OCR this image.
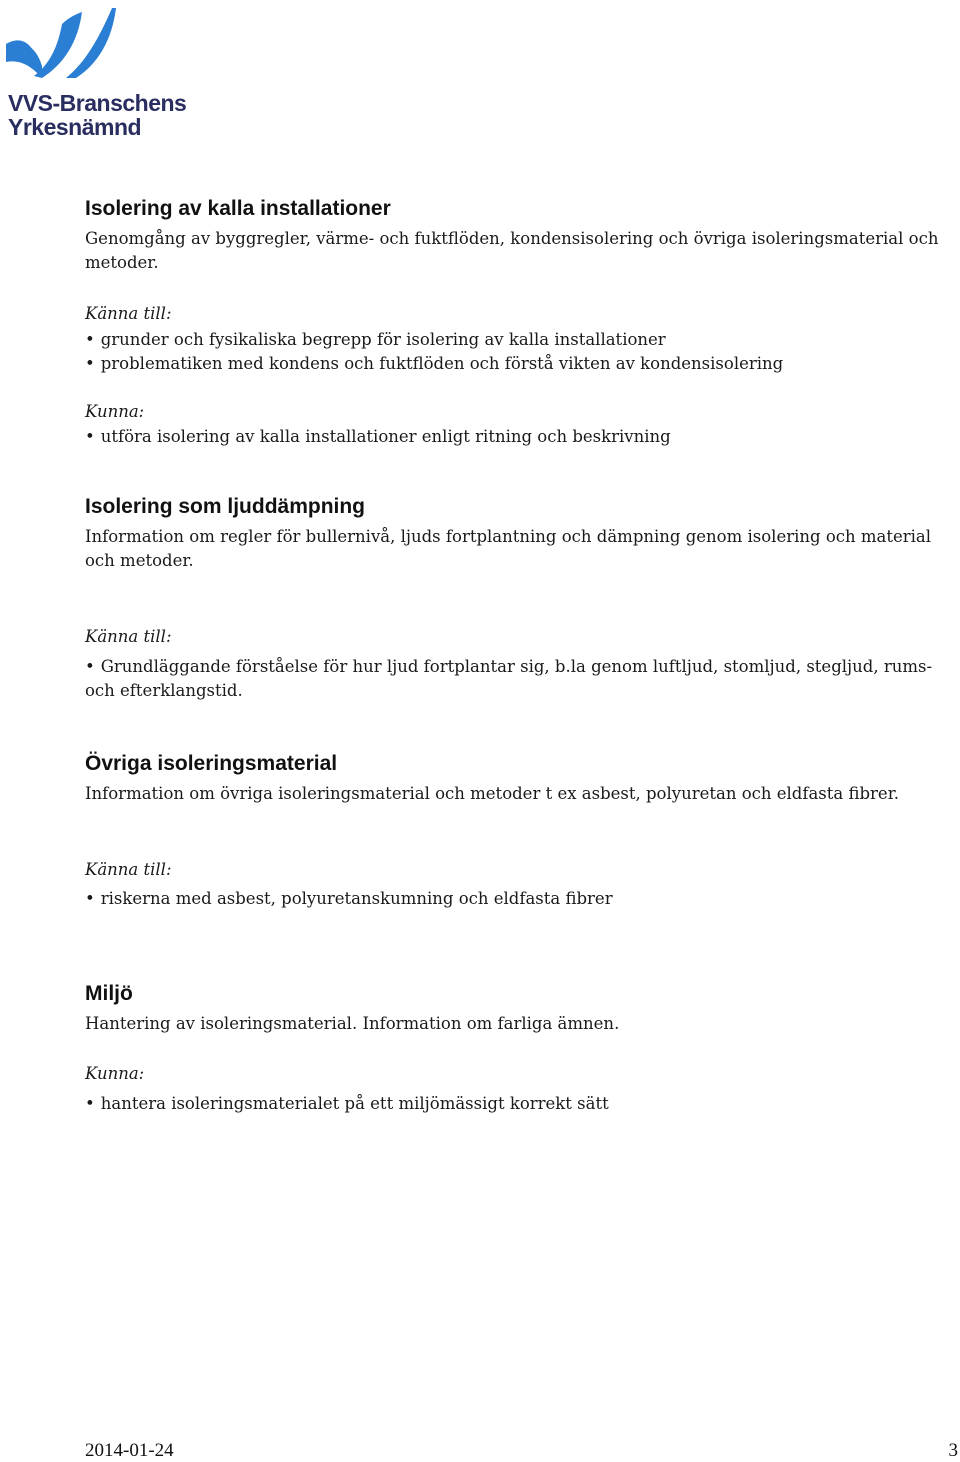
VVS-Branschens
Yrkesnämnd
Isolering av kalla installationer

Genomgång av byggregler, värme- och fuktflöden, kondensisolering och övriga isoleringsmaterial och metoder.

Känna till:
• grunder och fysikaliska begrepp för isolering av kalla installationer
• problematiken med kondens och fuktflöden och förstå vikten av kondensisolering
Kunna:
• utföra isolering av kalla installationer enligt ritning och beskrivning
Isolering som ljuddämpning

Information om regler för bullernivå, ljuds fortplantning och dämpning genom isolering och material och metoder.

Känna till:
• Grundläggande förståelse för hur ljud fortplantar sig, b.la genom luftljud, stomljud, stegljud, rums- och efterklangstid.
Övriga isoleringsmaterial

Information om övriga isoleringsmaterial och metoder t ex asbest, polyuretan och eldfasta fibrer.

Känna till:
• riskerna med asbest, polyuretanskumning och eldfasta fibrer
Miljö

Hantering av isoleringsmaterial. Information om farliga ämnen.

Kunna:
• hantera isoleringsmaterialet på ett miljömässigt korrekt sätt
2014-01-24	3
